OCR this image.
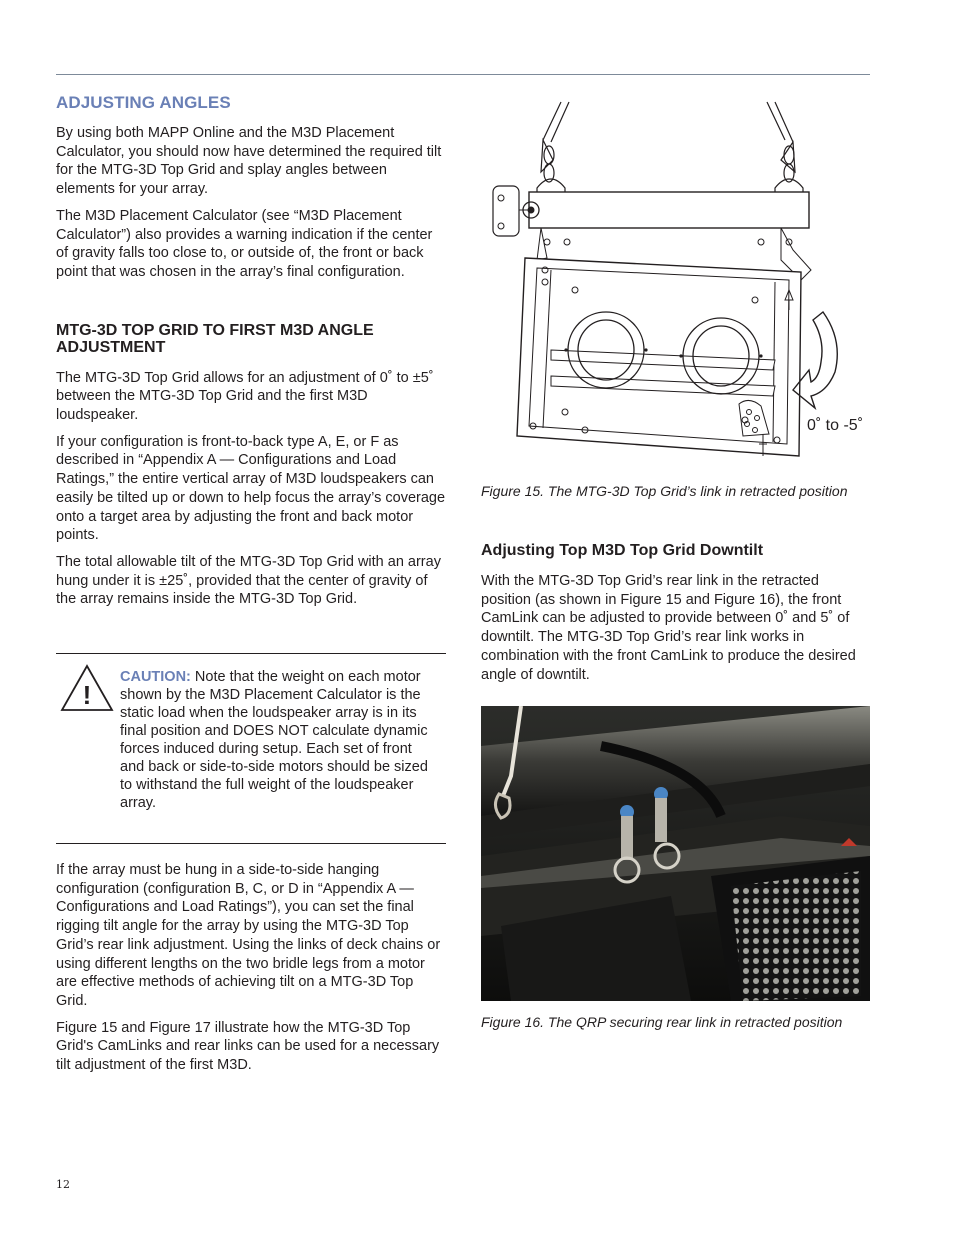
ADJUSTING ANGLES

By using both MAPP Online and the M3D Placement Calculator, you should now have determined the required tilt for the MTG-3D Top Grid and splay angles between elements for your array.

The M3D Placement Calculator (see “M3D Placement Calculator”) also provides a warning indication if the center of gravity falls too close to, or outside of, the front or back point that was chosen in the array’s final configuration.

MTG-3D TOP GRID TO FIRST M3D ANGLE ADJUSTMENT

The MTG-3D Top Grid allows for an adjustment of 0˚ to ±5˚ between the MTG-3D Top Grid and the first M3D loudspeaker.

If your configuration is front-to-back type A, E, or F as described in “Appendix A — Configurations and Load Ratings,” the entire vertical array of M3D loudspeakers can easily be tilted up or down to help focus the array’s coverage onto a target area by adjusting the front and back motor points.

The total allowable tilt of the MTG-3D Top Grid with an array hung under it is ±25˚, provided that the center of gravity of the array remains inside the MTG-3D Top Grid.

!
CAUTION: Note that the weight on each motor shown by the M3D Placement Calculator is the static load when the loudspeaker array is in its final position and DOES NOT calculate dynamic forces induced during setup. Each set of front and back or side-to-side motors should be sized to withstand the full weight of the loudspeaker array.

If the array must be hung in a side-to-side hanging configuration (configuration B, C, or D in “Appendix A — Configurations and Load Ratings”), you can set the final rigging tilt angle for the array by using the MTG-3D Top Grid’s rear link adjustment. Using the links of deck chains or using different lengths on the two bridle legs from a motor are effective methods of achieving tilt on a MTG-3D Top Grid.

Figure 15 and Figure 17 illustrate how the MTG-3D Top Grid's CamLinks and rear links can be used for a necessary tilt adjustment of the first M3D.

0˚ to -5˚

Figure 15. The MTG-3D Top Grid’s link in retracted position

Adjusting Top M3D Top Grid Downtilt

With the MTG-3D Top Grid’s rear link in the retracted position (as shown in Figure 15 and Figure 16), the front CamLink can be adjusted to provide between 0˚ and 5˚ of downtilt. The MTG-3D Top Grid’s rear link works in combination with the front CamLink to produce the desired angle of downtilt.

Figure 16. The QRP securing rear link in retracted position

12
